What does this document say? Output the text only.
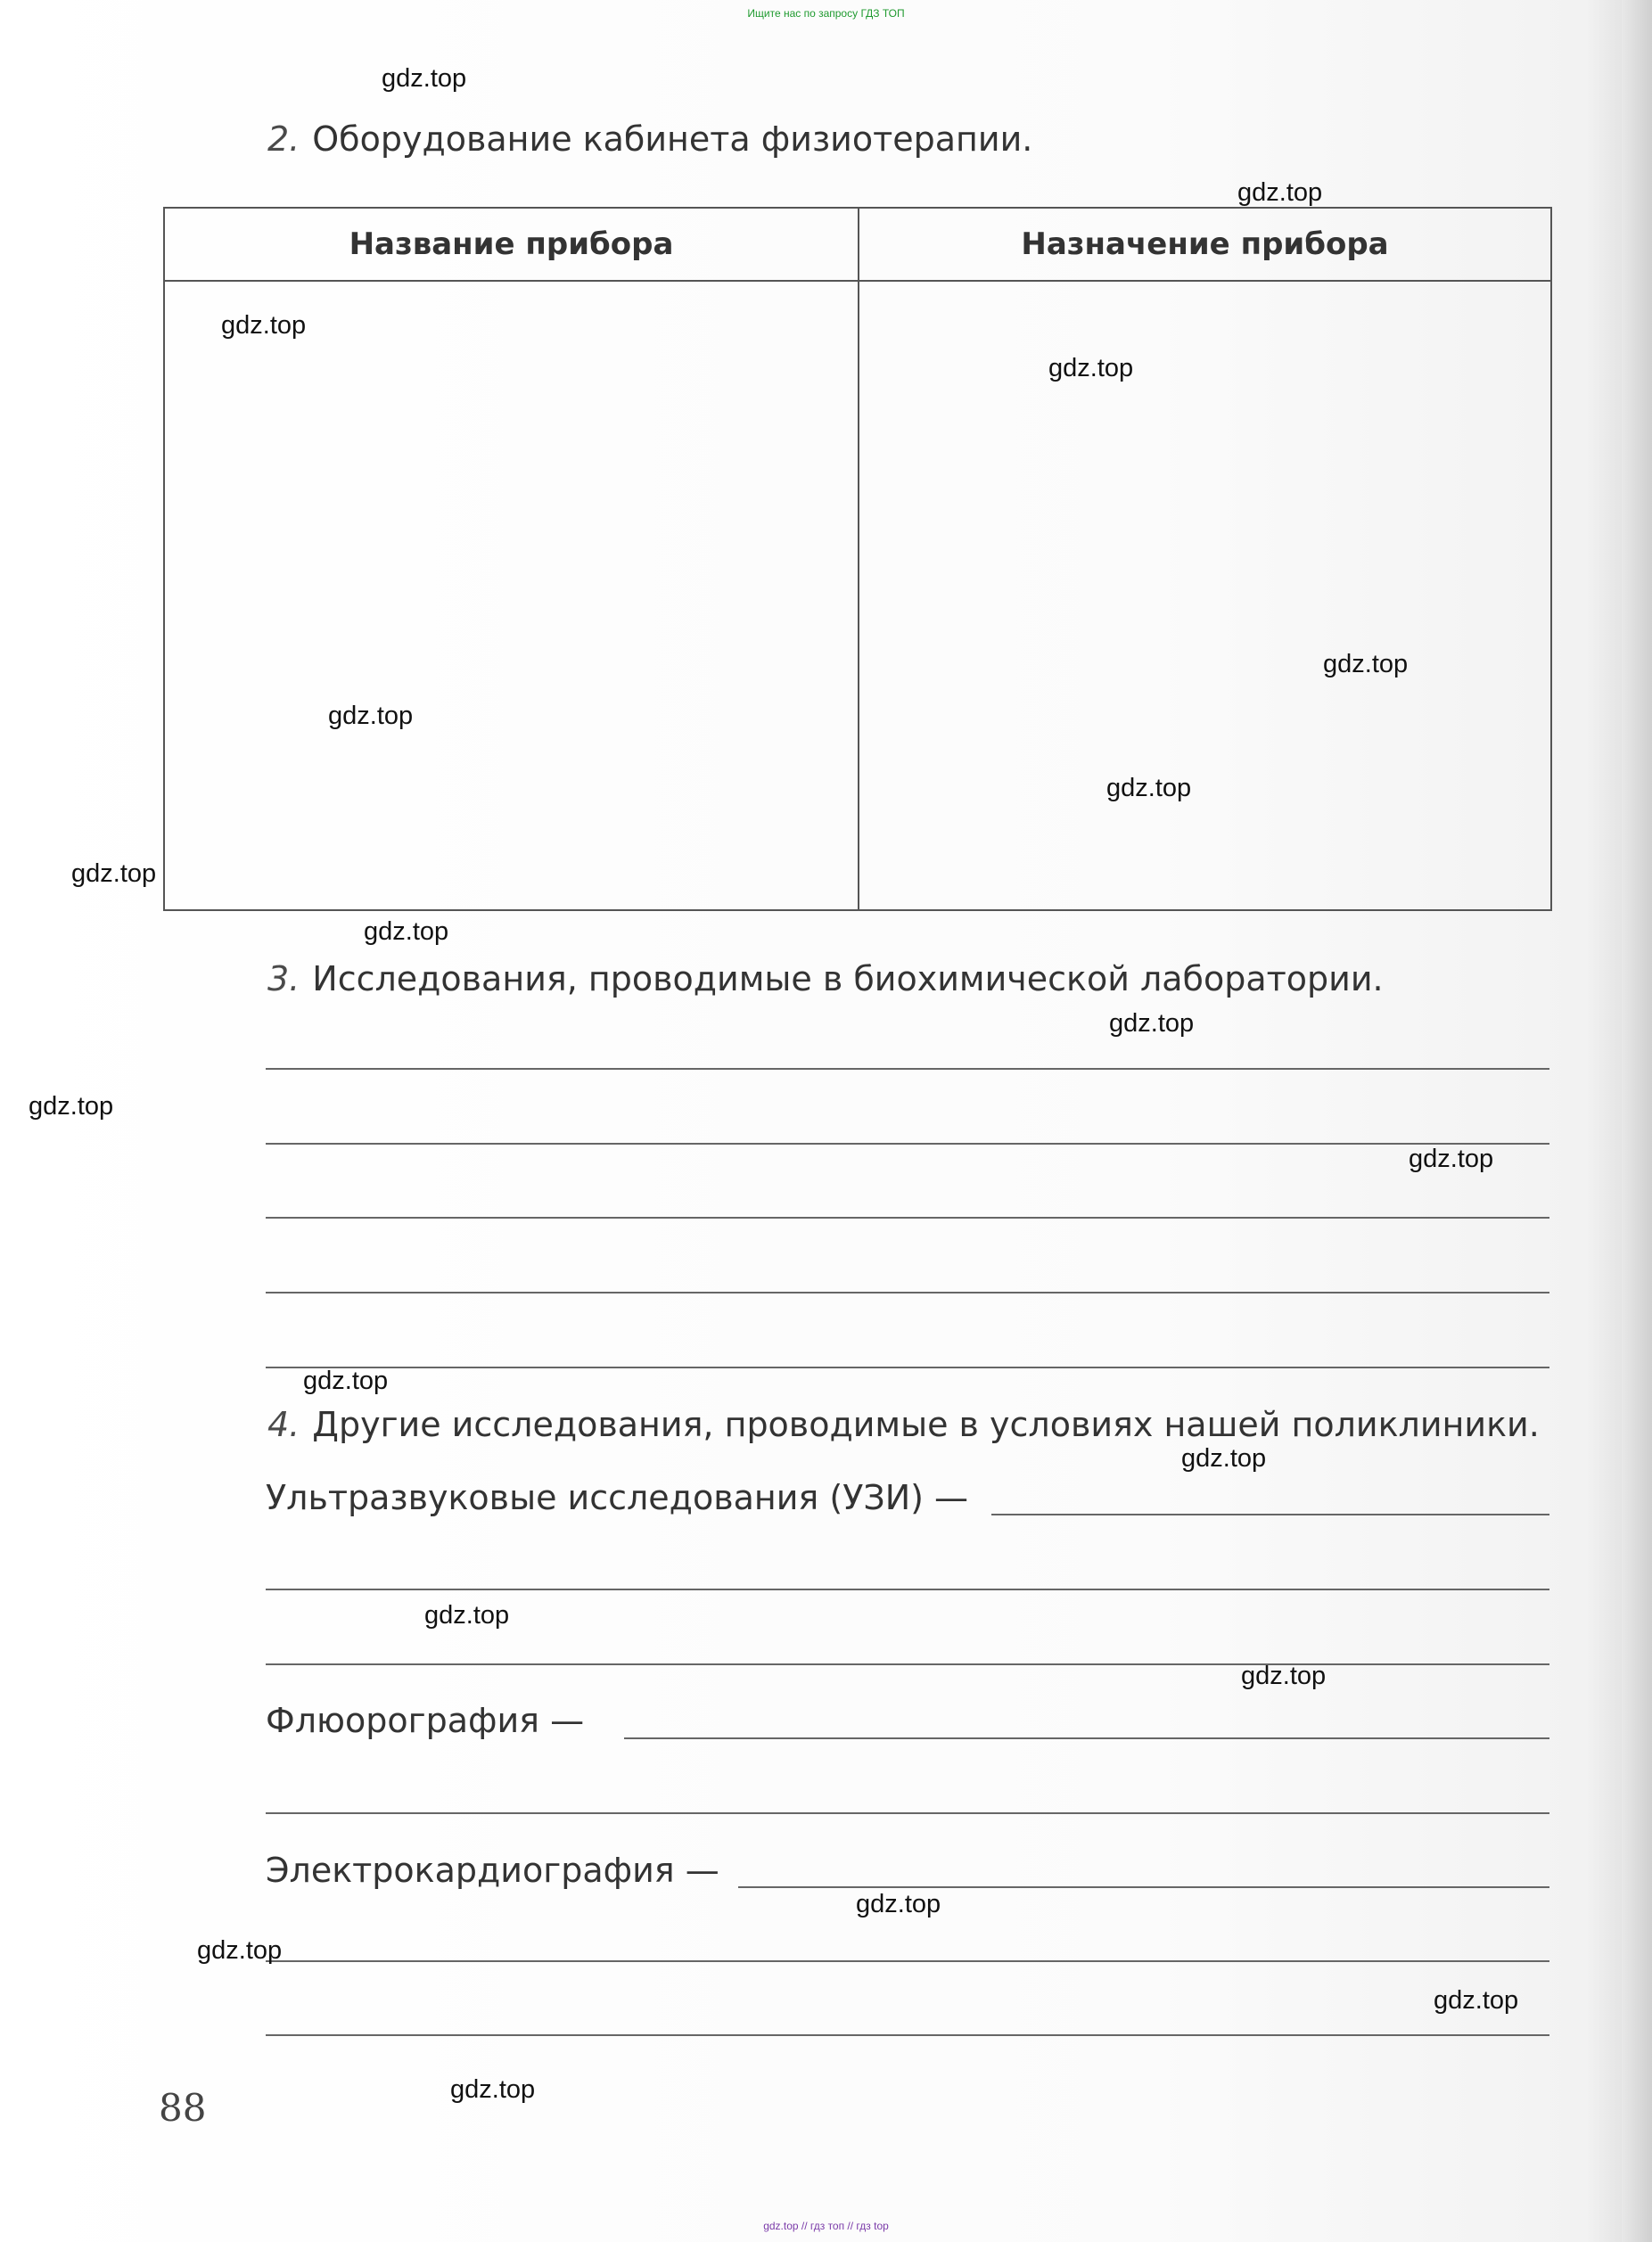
Ищите нас по запросу ГДЗ ТОП
2. Оборудование кабинета физиотерапии.
Название прибора	Назначение прибора

3. Исследования, проводимые в биохимической лаборатории.
4. Другие исследования, проводимые в условиях нашей поликлиники.
Ультразвуковые исследования (УЗИ) —
Флюорография —
Электрокардиография —
88
gdz.top
gdz.top
gdz.top
gdz.top
gdz.top
gdz.top
gdz.top
gdz.top
gdz.top
gdz.top
gdz.top
gdz.top
gdz.top
gdz.top
gdz.top
gdz.top
gdz.top
gdz.top
gdz.top
gdz.top
gdz.top // гдз топ // гдз top
